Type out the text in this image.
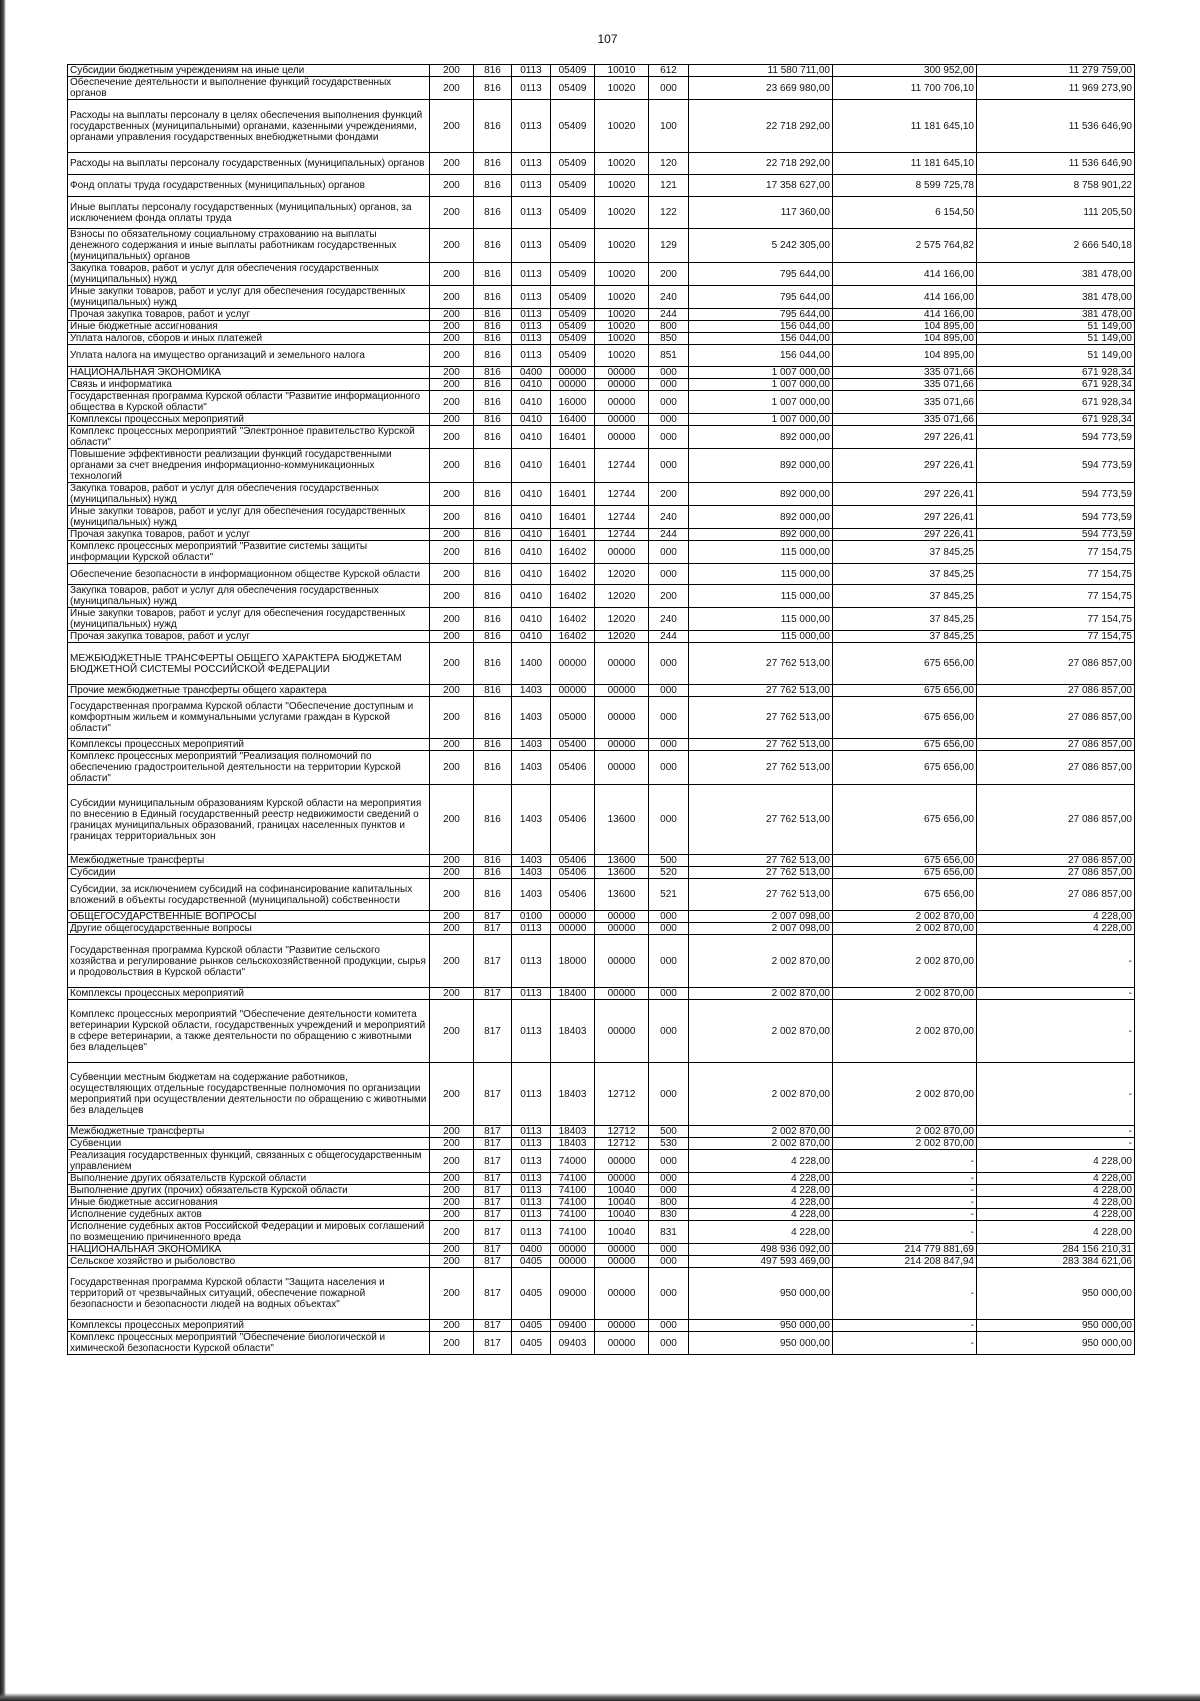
107
Субсидии бюджетным учреждениям на иные цели	200	816	0113	05409	10010	612	11 580 711,00	300 952,00	11 279 759,00
Обеспечение деятельности и выполнение функций государственных органов	200	816	0113	05409	10020	000	23 669 980,00	11 700 706,10	11 969 273,90
Расходы на выплаты персоналу в целях обеспечения выполнения функций государственных (муниципальными) органами, казенными учреждениями, органами управления государственных внебюджетными фондами	200	816	0113	05409	10020	100	22 718 292,00	11 181 645,10	11 536 646,90
Расходы на выплаты персоналу государственных (муниципальных) органов	200	816	0113	05409	10020	120	22 718 292,00	11 181 645,10	11 536 646,90
Фонд оплаты труда государственных (муниципальных) органов	200	816	0113	05409	10020	121	17 358 627,00	8 599 725,78	8 758 901,22
Иные выплаты персоналу государственных (муниципальных) органов, за исключением фонда оплаты труда	200	816	0113	05409	10020	122	117 360,00	6 154,50	111 205,50
Взносы по обязательному социальному страхованию на выплаты денежного содержания и иные выплаты работникам государственных (муниципальных) органов	200	816	0113	05409	10020	129	5 242 305,00	2 575 764,82	2 666 540,18
Закупка товаров, работ и услуг для обеспечения государственных (муниципальных) нужд	200	816	0113	05409	10020	200	795 644,00	414 166,00	381 478,00
Иные закупки товаров, работ и услуг для обеспечения государственных (муниципальных) нужд	200	816	0113	05409	10020	240	795 644,00	414 166,00	381 478,00
Прочая закупка товаров, работ и услуг	200	816	0113	05409	10020	244	795 644,00	414 166,00	381 478,00
Иные бюджетные ассигнования	200	816	0113	05409	10020	800	156 044,00	104 895,00	51 149,00
Уплата налогов, сборов и иных платежей	200	816	0113	05409	10020	850	156 044,00	104 895,00	51 149,00
Уплата налога на имущество организаций и земельного налога	200	816	0113	05409	10020	851	156 044,00	104 895,00	51 149,00
НАЦИОНАЛЬНАЯ ЭКОНОМИКА	200	816	0400	00000	00000	000	1 007 000,00	335 071,66	671 928,34
Связь и информатика	200	816	0410	00000	00000	000	1 007 000,00	335 071,66	671 928,34
Государственная программа Курской области "Развитие информационного общества в Курской области"	200	816	0410	16000	00000	000	1 007 000,00	335 071,66	671 928,34
Комплексы процессных мероприятий	200	816	0410	16400	00000	000	1 007 000,00	335 071,66	671 928,34
Комплекс процессных мероприятий "Электронное правительство Курской области"	200	816	0410	16401	00000	000	892 000,00	297 226,41	594 773,59
Повышение эффективности реализации функций государственными органами за счет внедрения информационно-коммуникационных технологий	200	816	0410	16401	12744	000	892 000,00	297 226,41	594 773,59
Закупка товаров, работ и услуг для обеспечения государственных (муниципальных) нужд	200	816	0410	16401	12744	200	892 000,00	297 226,41	594 773,59
Иные закупки товаров, работ и услуг для обеспечения государственных (муниципальных) нужд	200	816	0410	16401	12744	240	892 000,00	297 226,41	594 773,59
Прочая закупка товаров, работ и услуг	200	816	0410	16401	12744	244	892 000,00	297 226,41	594 773,59
Комплекс процессных мероприятий "Развитие системы защиты информации Курской области"	200	816	0410	16402	00000	000	115 000,00	37 845,25	77 154,75
Обеспечение безопасности в информационном обществе Курской области	200	816	0410	16402	12020	000	115 000,00	37 845,25	77 154,75
Закупка товаров, работ и услуг для обеспечения государственных (муниципальных) нужд	200	816	0410	16402	12020	200	115 000,00	37 845,25	77 154,75
Иные закупки товаров, работ и услуг для обеспечения государственных (муниципальных) нужд	200	816	0410	16402	12020	240	115 000,00	37 845,25	77 154,75
Прочая закупка товаров, работ и услуг	200	816	0410	16402	12020	244	115 000,00	37 845,25	77 154,75
МЕЖБЮДЖЕТНЫЕ ТРАНСФЕРТЫ ОБЩЕГО ХАРАКТЕРА БЮДЖЕТАМ БЮДЖЕТНОЙ СИСТЕМЫ РОССИЙСКОЙ ФЕДЕРАЦИИ	200	816	1400	00000	00000	000	27 762 513,00	675 656,00	27 086 857,00
Прочие межбюджетные трансферты общего характера	200	816	1403	00000	00000	000	27 762 513,00	675 656,00	27 086 857,00
Государственная программа Курской области "Обеспечение доступным и комфортным жильем и коммунальными услугами граждан в Курской области"	200	816	1403	05000	00000	000	27 762 513,00	675 656,00	27 086 857,00
Комплексы процессных мероприятий	200	816	1403	05400	00000	000	27 762 513,00	675 656,00	27 086 857,00
Комплекс процессных мероприятий "Реализация полномочий по обеспечению градостроительной деятельности на территории Курской области"	200	816	1403	05406	00000	000	27 762 513,00	675 656,00	27 086 857,00
Субсидии муниципальным образованиям Курской области на мероприятия по внесению в Единый государственный реестр недвижимости сведений о границах муниципальных образований, границах населенных пунктов и границах территориальных зон	200	816	1403	05406	13600	000	27 762 513,00	675 656,00	27 086 857,00
Межбюджетные трансферты	200	816	1403	05406	13600	500	27 762 513,00	675 656,00	27 086 857,00
Субсидии	200	816	1403	05406	13600	520	27 762 513,00	675 656,00	27 086 857,00
Субсидии, за исключением субсидий на софинансирование капитальных вложений в объекты государственной (муниципальной) собственности	200	816	1403	05406	13600	521	27 762 513,00	675 656,00	27 086 857,00
ОБЩЕГОСУДАРСТВЕННЫЕ ВОПРОСЫ	200	817	0100	00000	00000	000	2 007 098,00	2 002 870,00	4 228,00
Другие общегосударственные вопросы	200	817	0113	00000	00000	000	2 007 098,00	2 002 870,00	4 228,00
Государственная программа Курской области "Развитие сельского хозяйства и регулирование рынков сельскохозяйственной продукции, сырья и продовольствия в Курской области"	200	817	0113	18000	00000	000	2 002 870,00	2 002 870,00	-
Комплексы процессных мероприятий	200	817	0113	18400	00000	000	2 002 870,00	2 002 870,00	-
Комплекс процессных мероприятий "Обеспечение деятельности комитета ветеринарии Курской области, государственных учреждений и мероприятий в сфере ветеринарии, а также деятельности по обращению с животными без владельцев"	200	817	0113	18403	00000	000	2 002 870,00	2 002 870,00	-
Субвенции местным бюджетам на содержание работников, осуществляющих отдельные государственные полномочия по организации мероприятий при осуществлении деятельности по обращению с животными без владельцев	200	817	0113	18403	12712	000	2 002 870,00	2 002 870,00	-
Межбюджетные трансферты	200	817	0113	18403	12712	500	2 002 870,00	2 002 870,00	-
Субвенции	200	817	0113	18403	12712	530	2 002 870,00	2 002 870,00	-
Реализация государственных функций, связанных с общегосударственным управлением	200	817	0113	74000	00000	000	4 228,00	-	4 228,00
Выполнение других обязательств Курской области	200	817	0113	74100	00000	000	4 228,00	-	4 228,00
Выполнение других (прочих) обязательств Курской области	200	817	0113	74100	10040	000	4 228,00	-	4 228,00
Иные бюджетные ассигнования	200	817	0113	74100	10040	800	4 228,00	-	4 228,00
Исполнение судебных актов	200	817	0113	74100	10040	830	4 228,00	-	4 228,00
Исполнение судебных актов Российской Федерации и мировых соглашений по возмещению причиненного вреда	200	817	0113	74100	10040	831	4 228,00	-	4 228,00
НАЦИОНАЛЬНАЯ ЭКОНОМИКА	200	817	0400	00000	00000	000	498 936 092,00	214 779 881,69	284 156 210,31
Сельское хозяйство и рыболовство	200	817	0405	00000	00000	000	497 593 469,00	214 208 847,94	283 384 621,06
Государственная программа Курской области "Защита населения и территорий от чрезвычайных ситуаций, обеспечение пожарной безопасности и безопасности людей на водных объектах"	200	817	0405	09000	00000	000	950 000,00	-	950 000,00
Комплексы процессных мероприятий	200	817	0405	09400	00000	000	950 000,00	-	950 000,00
Комплекс процессных мероприятий "Обеспечение биологической и химической безопасности Курской области"	200	817	0405	09403	00000	000	950 000,00	-	950 000,00
